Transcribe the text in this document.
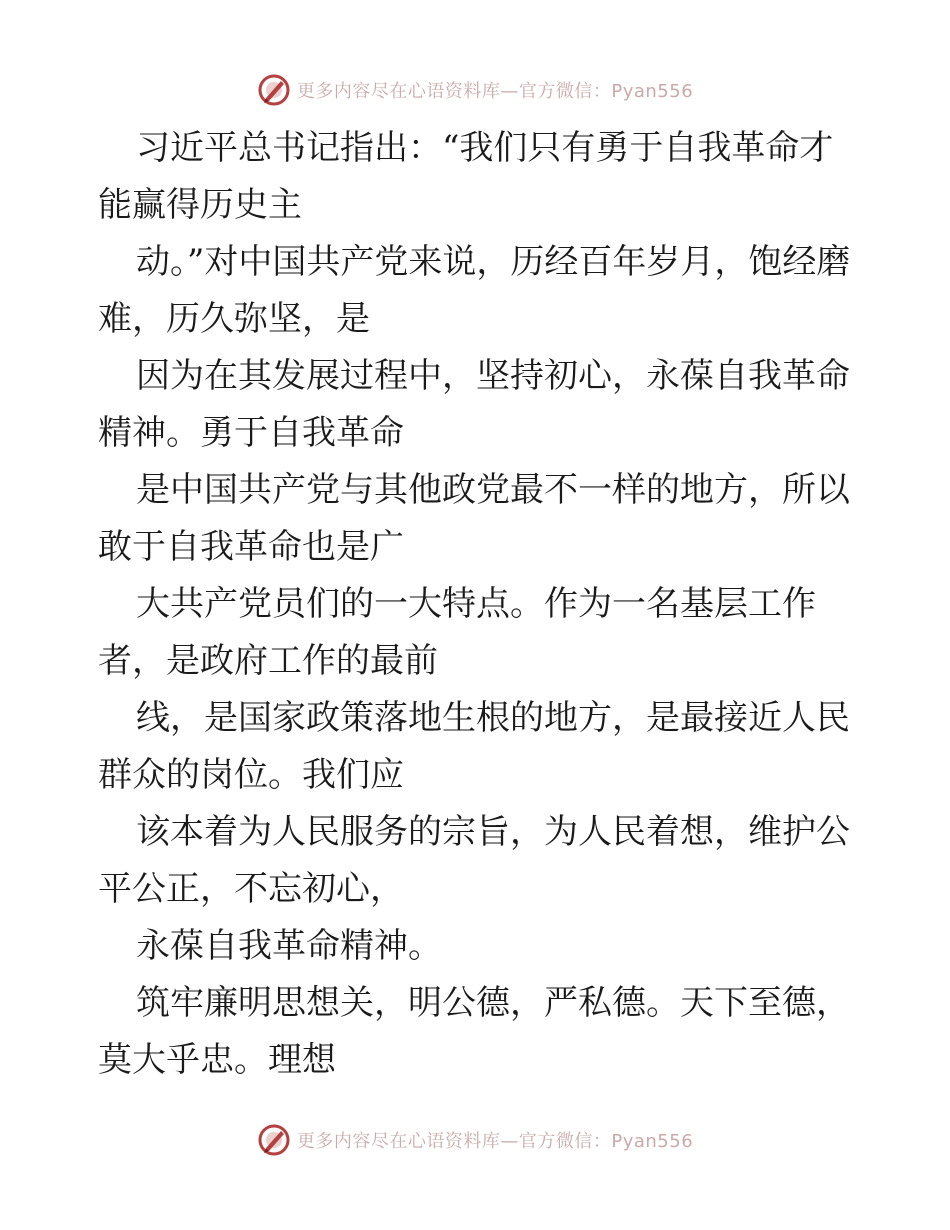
更多内容尽在心语资料库—官方微信：Pyan556

习近平总书记指出：“我们只有勇于自我革命才能赢得历史主

动。”对中国共产党来说，历经百年岁月，饱经磨难，历久弥坚，是

因为在其发展过程中，坚持初心，永葆自我革命精神。勇于自我革命

是中国共产党与其他政党最不一样的地方，所以敢于自我革命也是广

大共产党员们的一大特点。作为一名基层工作者，是政府工作的最前

线，是国家政策落地生根的地方，是最接近人民群众的岗位。我们应

该本着为人民服务的宗旨，为人民着想，维护公平公正，不忘初心，

永葆自我革命精神。

筑牢廉明思想关，明公德，严私德。天下至德，莫大乎忠。理想

更多内容尽在心语资料库—官方微信：Pyan556
